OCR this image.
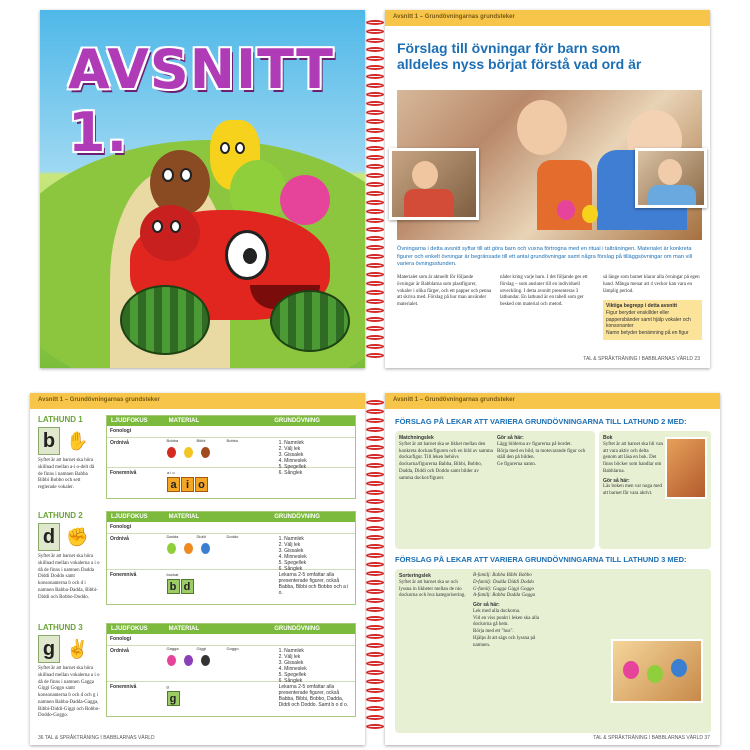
AVSNITT 1.
Avsnitt 1 – Grundövningarnas grundsteker
Förslag till övningar för barn som
alldeles nyss börjat förstå vad ord är
Övningarna i detta avsnitt syftar till att göra barn och vuxna förtrogna med en ritual i talträningen. Materialet är konkreta figurer och enkelt övningar är begränsade till ett antal grundövningar samt några förslag på tilläggsövningar om man vill variera övningsstunden.
Materialet som är aktuellt för följande övningar är Babblarna som plastfigurer, vokaler i olika färger, och ett papper och penna att skriva med. Förslag på hur man använder materialet.
nåder kring varje barn. I det följande ges ett förslag – som ansluter till en individuell utveckling. I detta avsnitt presenteras 3 lathundar. En lathund är en tabell som ger besked om material och metod.
så länge som barnet klarar alla övningar på egen hand. Många menar att 4 veckor kan vara en lämplig period.
Viktiga begrepp i detta avsnitt
Figur beryder enskillder eller pappersbänder samt hjälp vokaler och konsonanter
Namn betyder benämning på en figur
TAL & SPRÅKTRÄNING I BABBLARNAS VÄRLD 23
Avsnitt 1 – Grundövningarnas grundsteker
LATHUND 1
b ✋
Syftet är att barnet ska höra skillnad mellan a-i o-delt då de finns i namnen Babba Bibbi Bobbo och sett reglerade vokaler.
LJUDFOKUS	MATERIAL	GRUNDÖVNING
Fonologi
Ordnivå	Bobba	Bibbi	Bobbo
	1. Namnlek
2. Välj lek
3. Gissalek
4. Minneslek
5. Spegellek
6. Sånglek
Fonemnivå	a i o
a i o
LATHUND 2
d ✊
Syftet är att barnet ska höra skillnad mellan vokalerna a i o då de finns i namnen Dadda Diddi Doddo samt konsonanterna b och d i namnen Babba-Dadda, Bibbi-Diddi och Bobbo-Doddo.
LJUDFOKUS	MATERIAL	GRUNDÖVNING
Fonologi
Ordnivå	Dadda	Diddi	Doddo
	1. Namnlek
2. Välj lek
3. Gissalek
4. Minneslek
5. Spegellek
6. Sånglek
Fonemnivå	bockat
b d
Lekarna 2-5 omfattar alla presenterade figurer, också Babba, Bibbi och Bobbo och a i o.
LATHUND 3
g ✌
Syftet är att barnet ska höra skillnad mellan vokalerna a i o då de finns i namnen Gagga Giggi Goggo samt konsonanterna b och d och g i namnen Babba-Dadda-Gagga, Bibbi-Diddi-Giggi och Bobbo-Doddo-Goggo.
LJUDFOKUS	MATERIAL	GRUNDÖVNING
Fonologi
Ordnivå	Gagga	Giggi	Goggo
	1. Namnlek
2. Välj lek
3. Gissalek
4. Minneslek
5. Spegellek
6. Sånglek
Fonemnivå	g
g
Lekarna 2-5 omfattar alla presenterade figurer, också Babba, Bibbi, Bobbo, Dadda, Diddi och Doddo. Samt b o d o.
36 TAL & SPRÅKTRÄNING I BABBLARNAS VÄRLD
Avsnitt 1 – Grundövningarnas grundsteker
FÖRSLAG PÅ LEKAR ATT VARIERA GRUNDÖVNINGARNA TILL LATHUND 2 MED:
Matchningslek
Syftet är att barnet ska se likhet mellan den konkreta dockan/figuren och en bild av samma docka/figur. Till leken behövs dockorna/figurerna Babba, Bibbi, Bobbo, Dadda, Diddi och Doddo samt bilder av samma dockor/figurer.
Gör så här:
Lägg bilderna av figurerna på bordet.
Börja med en bild, ta motsvarande figur och ställ den på bilden.
Ge figurerna namn.
Bok
Syftet är att barnet ska bli van att vara aktiv och delta genom att läsa en bok. Det finns böcker som handlar om Babblarna.
Gör så här:
Läs boken men var noga med att barnet får vara aktivt.
FÖRSLAG PÅ LEKAR ATT VARIERA GRUNDÖVNINGARNA TILL LATHUND 3 MED:
Sorteringslek
Syftet är att barnet ska se och lyssna in likheter mellan de nio dockorna och hva kategorisering.
B-familj: Babba Bibbi Bobbo
D-familj: Dadda Diddi Doddo
G-familj: Gagga Giggi Goggo
A-familj: Babba Dadda Gagga
Gör så här:
Lek med alla dockorna.
Vid en viss punkt i leken ska alla dockorna gå hem.
Börja med ett "hus".
Hjälps åt att sägs och lyssna på namnen.
TAL & SPRÅKTRÄNING I BABBLARNAS VÄRLD 37
